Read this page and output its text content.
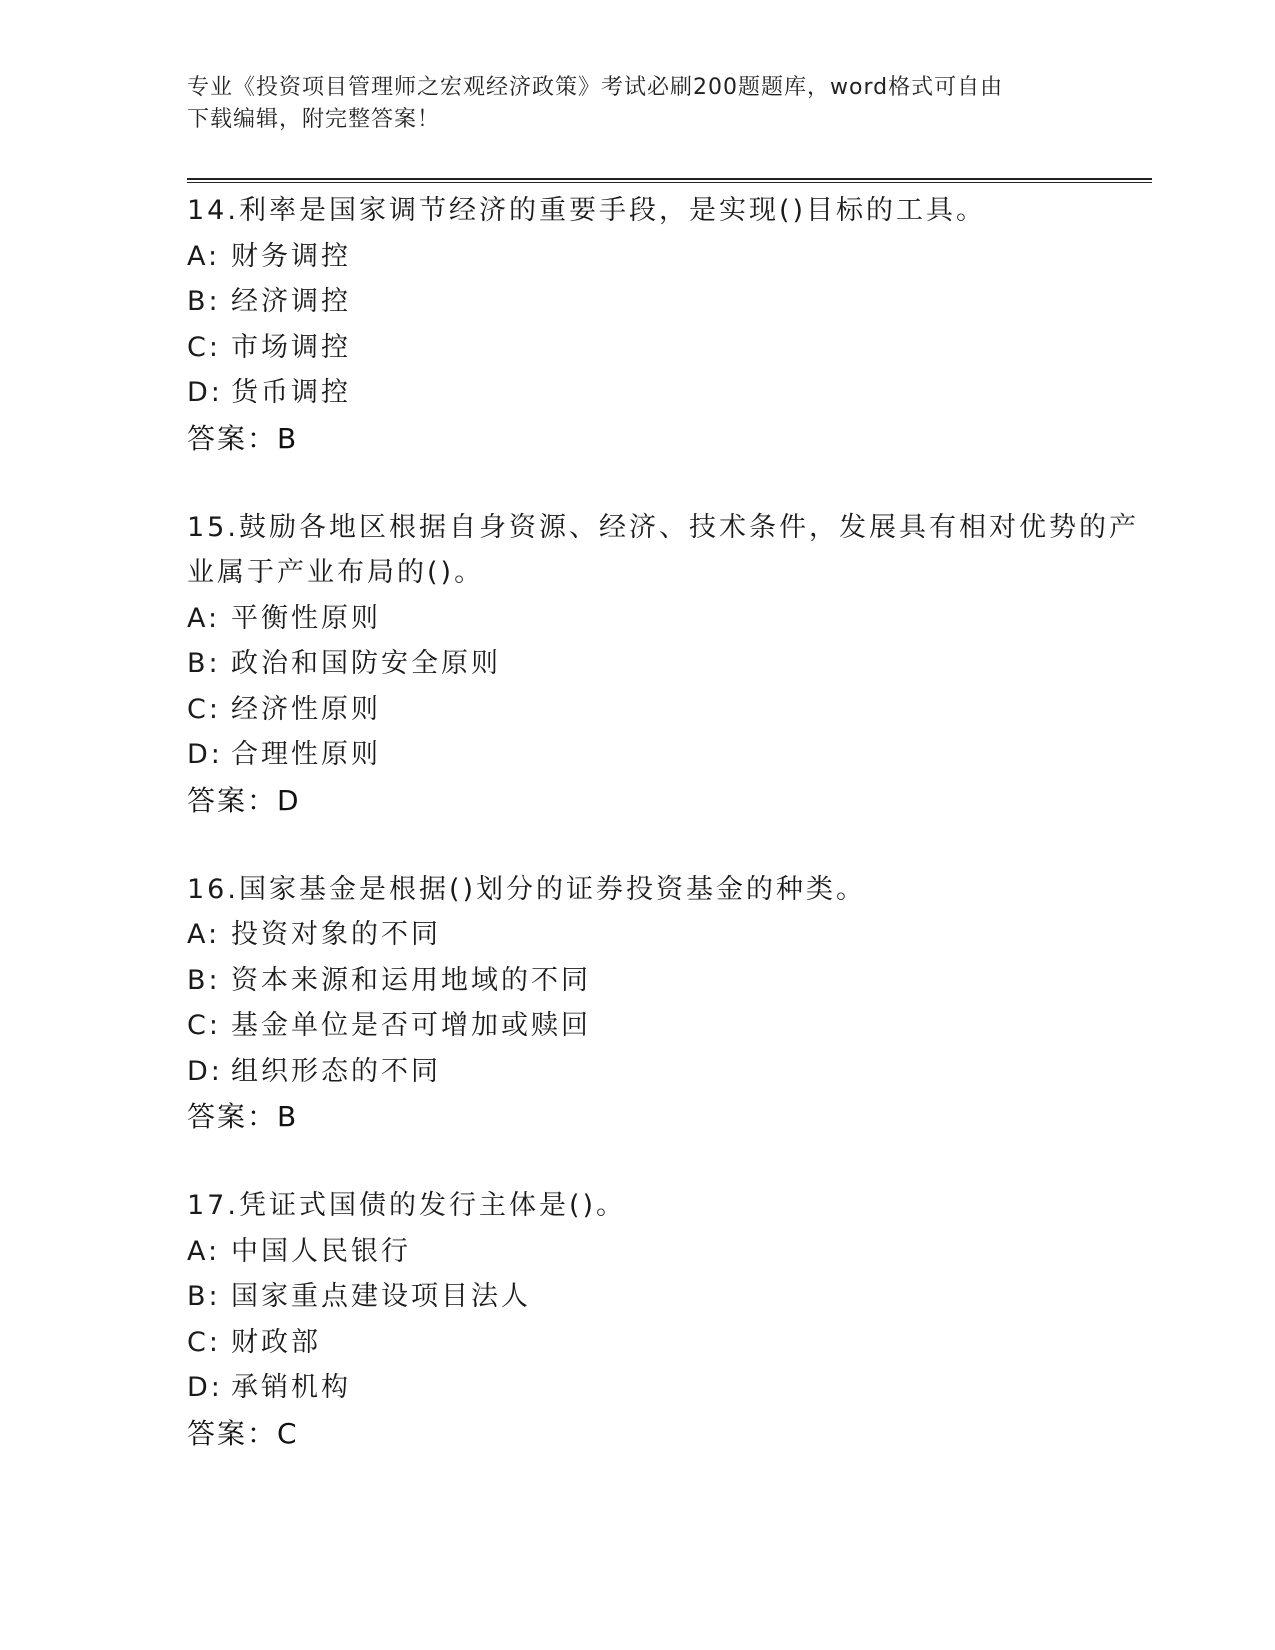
专业《投资项目管理师之宏观经济政策》考试必刷200题题库，word格式可自由
下载编辑，附完整答案！
14.利率是国家调节经济的重要手段，是实现()目标的工具。
A: 财务调控
B: 经济调控
C: 市场调控
D: 货币调控
答案：B
15.鼓励各地区根据自身资源、经济、技术条件，发展具有相对优势的产业属于产业布局的()。
A: 平衡性原则
B: 政治和国防安全原则
C: 经济性原则
D: 合理性原则
答案：D
16.国家基金是根据()划分的证券投资基金的种类。
A: 投资对象的不同
B: 资本来源和运用地域的不同
C: 基金单位是否可增加或赎回
D: 组织形态的不同
答案：B
17.凭证式国债的发行主体是()。
A: 中国人民银行
B: 国家重点建设项目法人
C: 财政部
D: 承销机构
答案：C
